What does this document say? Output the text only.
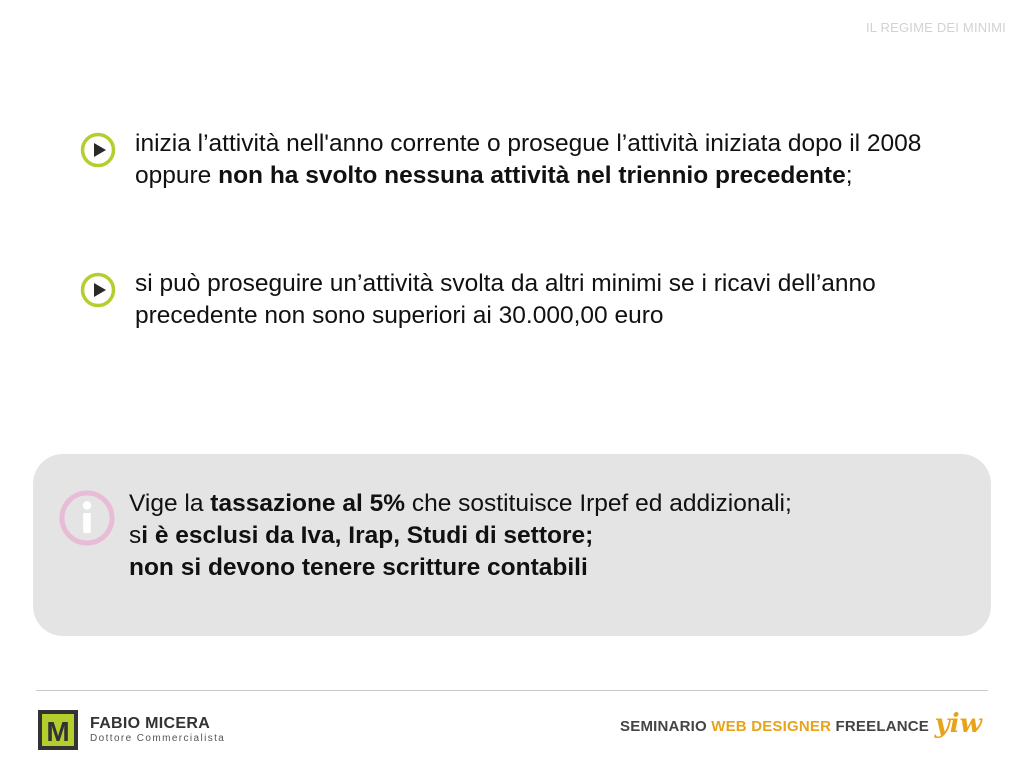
IL REGIME DEI MINIMI
inizia l’attività nell'anno corrente o prosegue l’attività iniziata dopo il 2008 oppure non ha svolto nessuna attività nel triennio precedente;
si può proseguire un’attività svolta da altri minimi se i ricavi dell’anno precedente non sono superiori ai 30.000,00 euro
Vige la tassazione al 5% che sostituisce Irpef ed addizionali;
si è esclusi da Iva, Irap, Studi di settore;
non si devono tenere scritture contabili
M FABIO MICERA
Dottore Commercialista
SEMINARIO WEB DESIGNER FREELANCE yiw
